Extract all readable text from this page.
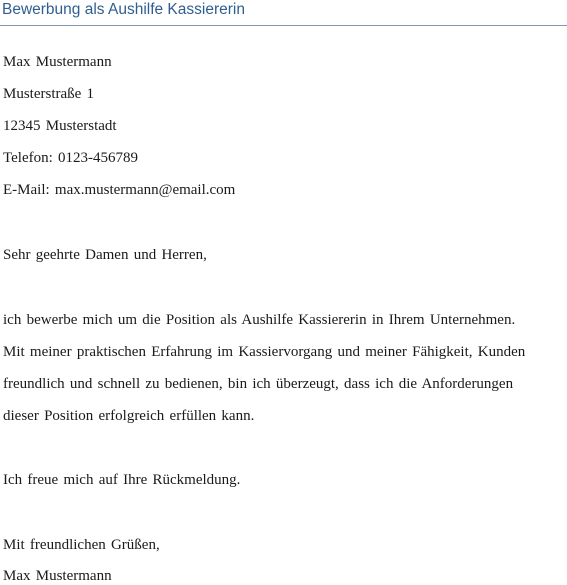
Bewerbung als Aushilfe Kassiererin
Max Mustermann
Musterstraße 1
12345 Musterstadt
Telefon: 0123-456789
E-Mail: max.mustermann@email.com
Sehr geehrte Damen und Herren,
ich bewerbe mich um die Position als Aushilfe Kassiererin in Ihrem Unternehmen.
Mit meiner praktischen Erfahrung im Kassiervorgang und meiner Fähigkeit, Kunden
freundlich und schnell zu bedienen, bin ich überzeugt, dass ich die Anforderungen
dieser Position erfolgreich erfüllen kann.
Ich freue mich auf Ihre Rückmeldung.
Mit freundlichen Grüßen,
Max Mustermann
